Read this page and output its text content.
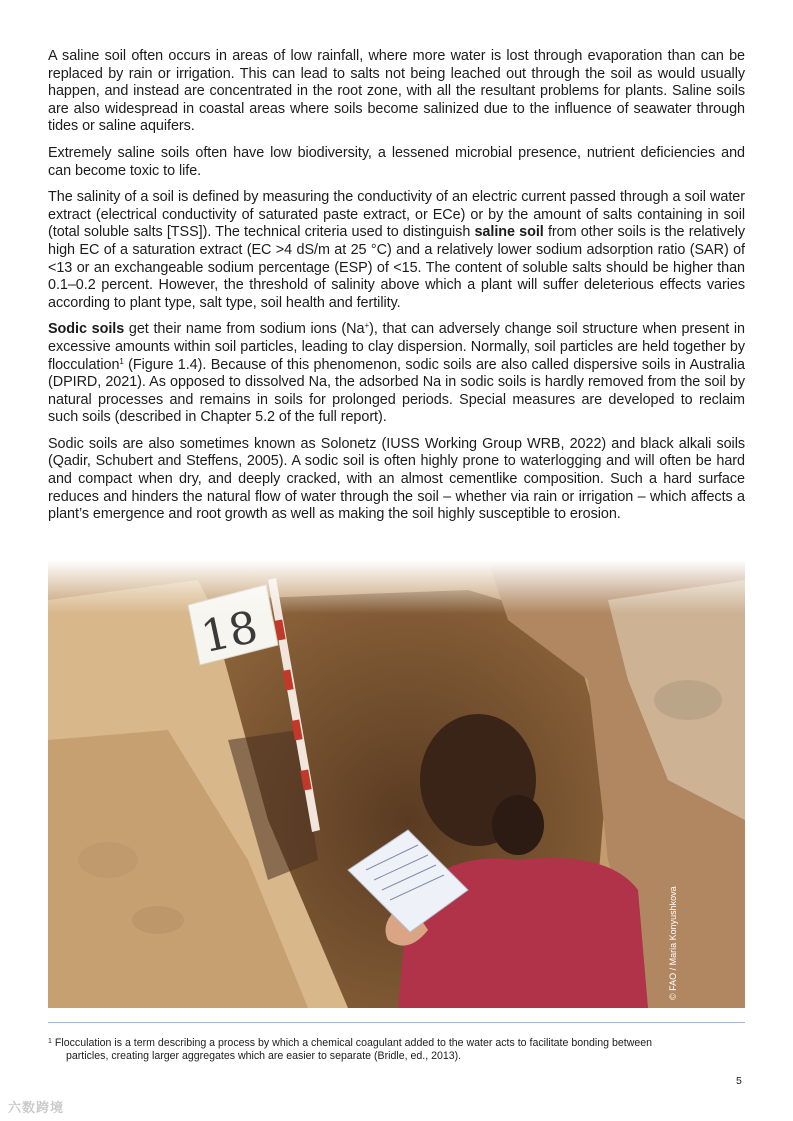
A saline soil often occurs in areas of low rainfall, where more water is lost through evaporation than can be replaced by rain or irrigation. This can lead to salts not being leached out through the soil as would usually happen, and instead are concentrated in the root zone, with all the resultant problems for plants. Saline soils are also widespread in coastal areas where soils become salinized due to the influence of seawater through tides or saline aquifers.

Extremely saline soils often have low biodiversity, a lessened microbial presence, nutrient deficiencies and can become toxic to life.

The salinity of a soil is defined by measuring the conductivity of an electric current passed through a soil water extract (electrical conductivity of saturated paste extract, or ECe) or by the amount of salts containing in soil (total soluble salts [TSS]). The technical criteria used to distinguish saline soil from other soils is the relatively high EC of a saturation extract (EC >4 dS/m at 25 °C) and a relatively lower sodium adsorption ratio (SAR) of <13 or an exchangeable sodium percentage (ESP) of <15. The content of soluble salts should be higher than 0.1–0.2 percent. However, the threshold of salinity above which a plant will suffer deleterious effects varies according to plant type, salt type, soil health and fertility.

Sodic soils get their name from sodium ions (Na+), that can adversely change soil structure when present in excessive amounts within soil particles, leading to clay dispersion. Normally, soil particles are held together by flocculation$^1$ (Figure 1.4). Because of this phenomenon, sodic soils are also called dispersive soils in Australia (DPIRD, 2021). As opposed to dissolved Na, the adsorbed Na in sodic soils is hardly removed from the soil by natural processes and remains in soils for prolonged periods. Special measures are developed to reclaim such soils (described in Chapter 5.2 of the full report).

Sodic soils are also sometimes known as Solonetz (IUSS Working Group WRB, 2022) and black alkali soils (Qadir, Schubert and Steffens, 2005). A sodic soil is often highly prone to waterlogging and will often be hard and compact when dry, and deeply cracked, with an almost cementlike composition. Such a hard surface reduces and hinders the natural flow of water through the soil – whether via rain or irrigation – which affects a plant’s emergence and root growth as well as making the soil highly susceptible to erosion.

© FAO / Maria Konyushkova
$^1$ Flocculation is a term describing a process by which a chemical coagulant added to the water acts to facilitate bonding between
particles, creating larger aggregates which are easier to separate (Bridle, ed., 2013).
5
六数跨境
